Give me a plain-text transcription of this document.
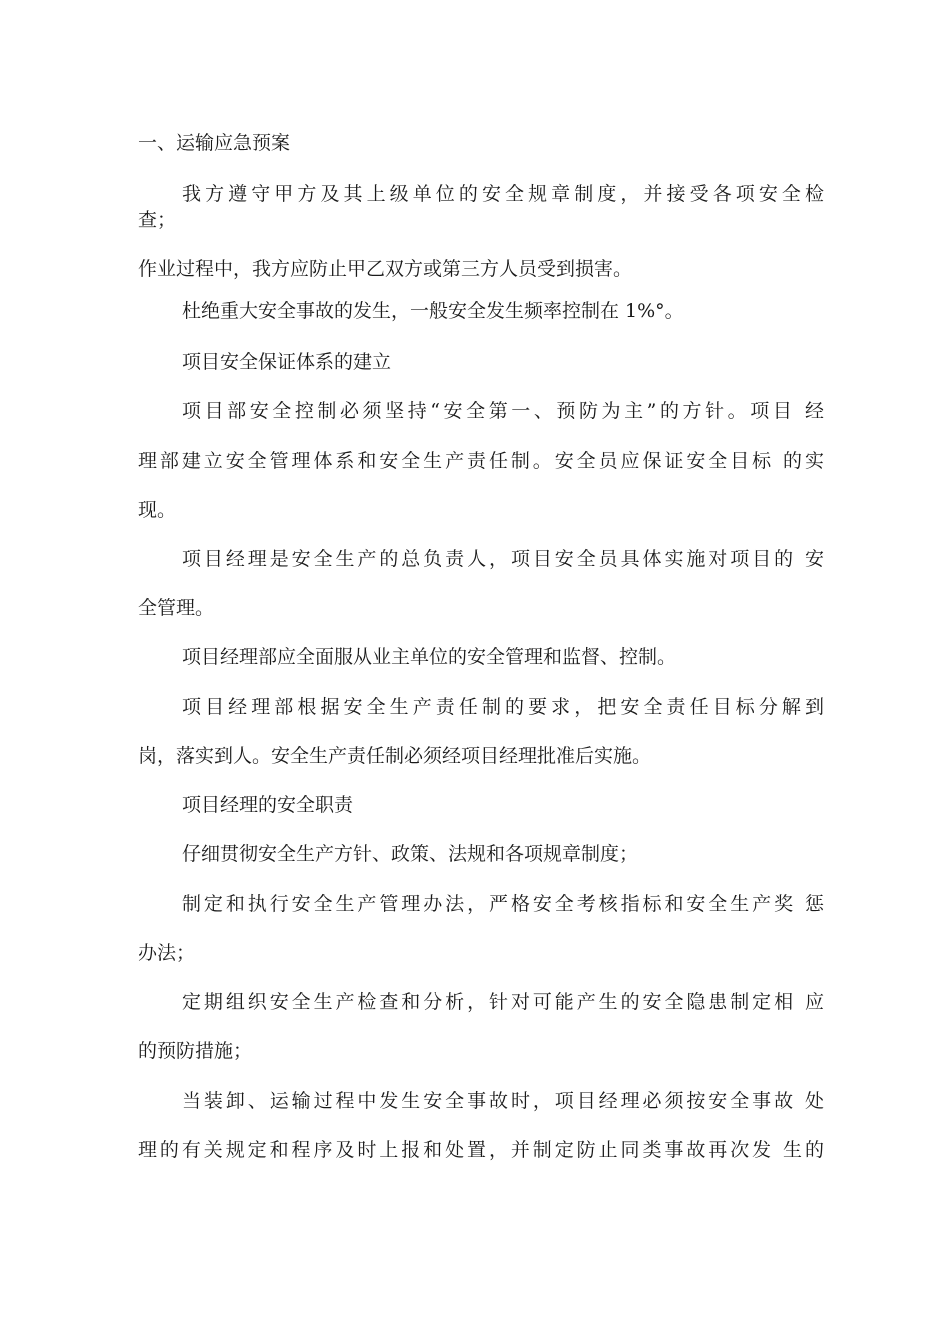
一、运输应急预案
我方遵守甲方及其上级单位的安全规章制度，并接受各项安全检
查；
作业过程中，我方应防止甲乙双方或第三方人员受到损害。
杜绝重大安全事故的发生，一般安全发生频率控制在 1%°。
项目安全保证体系的建立
项目部安全控制必须坚持“安全第一、预防为主”的方针。项目 经
理部建立安全管理体系和安全生产责任制。安全员应保证安全目标 的实
现。
项目经理是安全生产的总负责人，项目安全员具体实施对项目的 安
全管理。
项目经理部应全面服从业主单位的安全管理和监督、控制。
项目经理部根据安全生产责任制的要求，把安全责任目标分解到
岗，落实到人。安全生产责任制必须经项目经理批准后实施。
项目经理的安全职责
仔细贯彻安全生产方针、政策、法规和各项规章制度；
制定和执行安全生产管理办法，严格安全考核指标和安全生产奖 惩
办法；
定期组织安全生产检查和分析，针对可能产生的安全隐患制定相 应
的预防措施；
当装卸、运输过程中发生安全事故时，项目经理必须按安全事故 处
理的有关规定和程序及时上报和处置，并制定防止同类事故再次发 生的
